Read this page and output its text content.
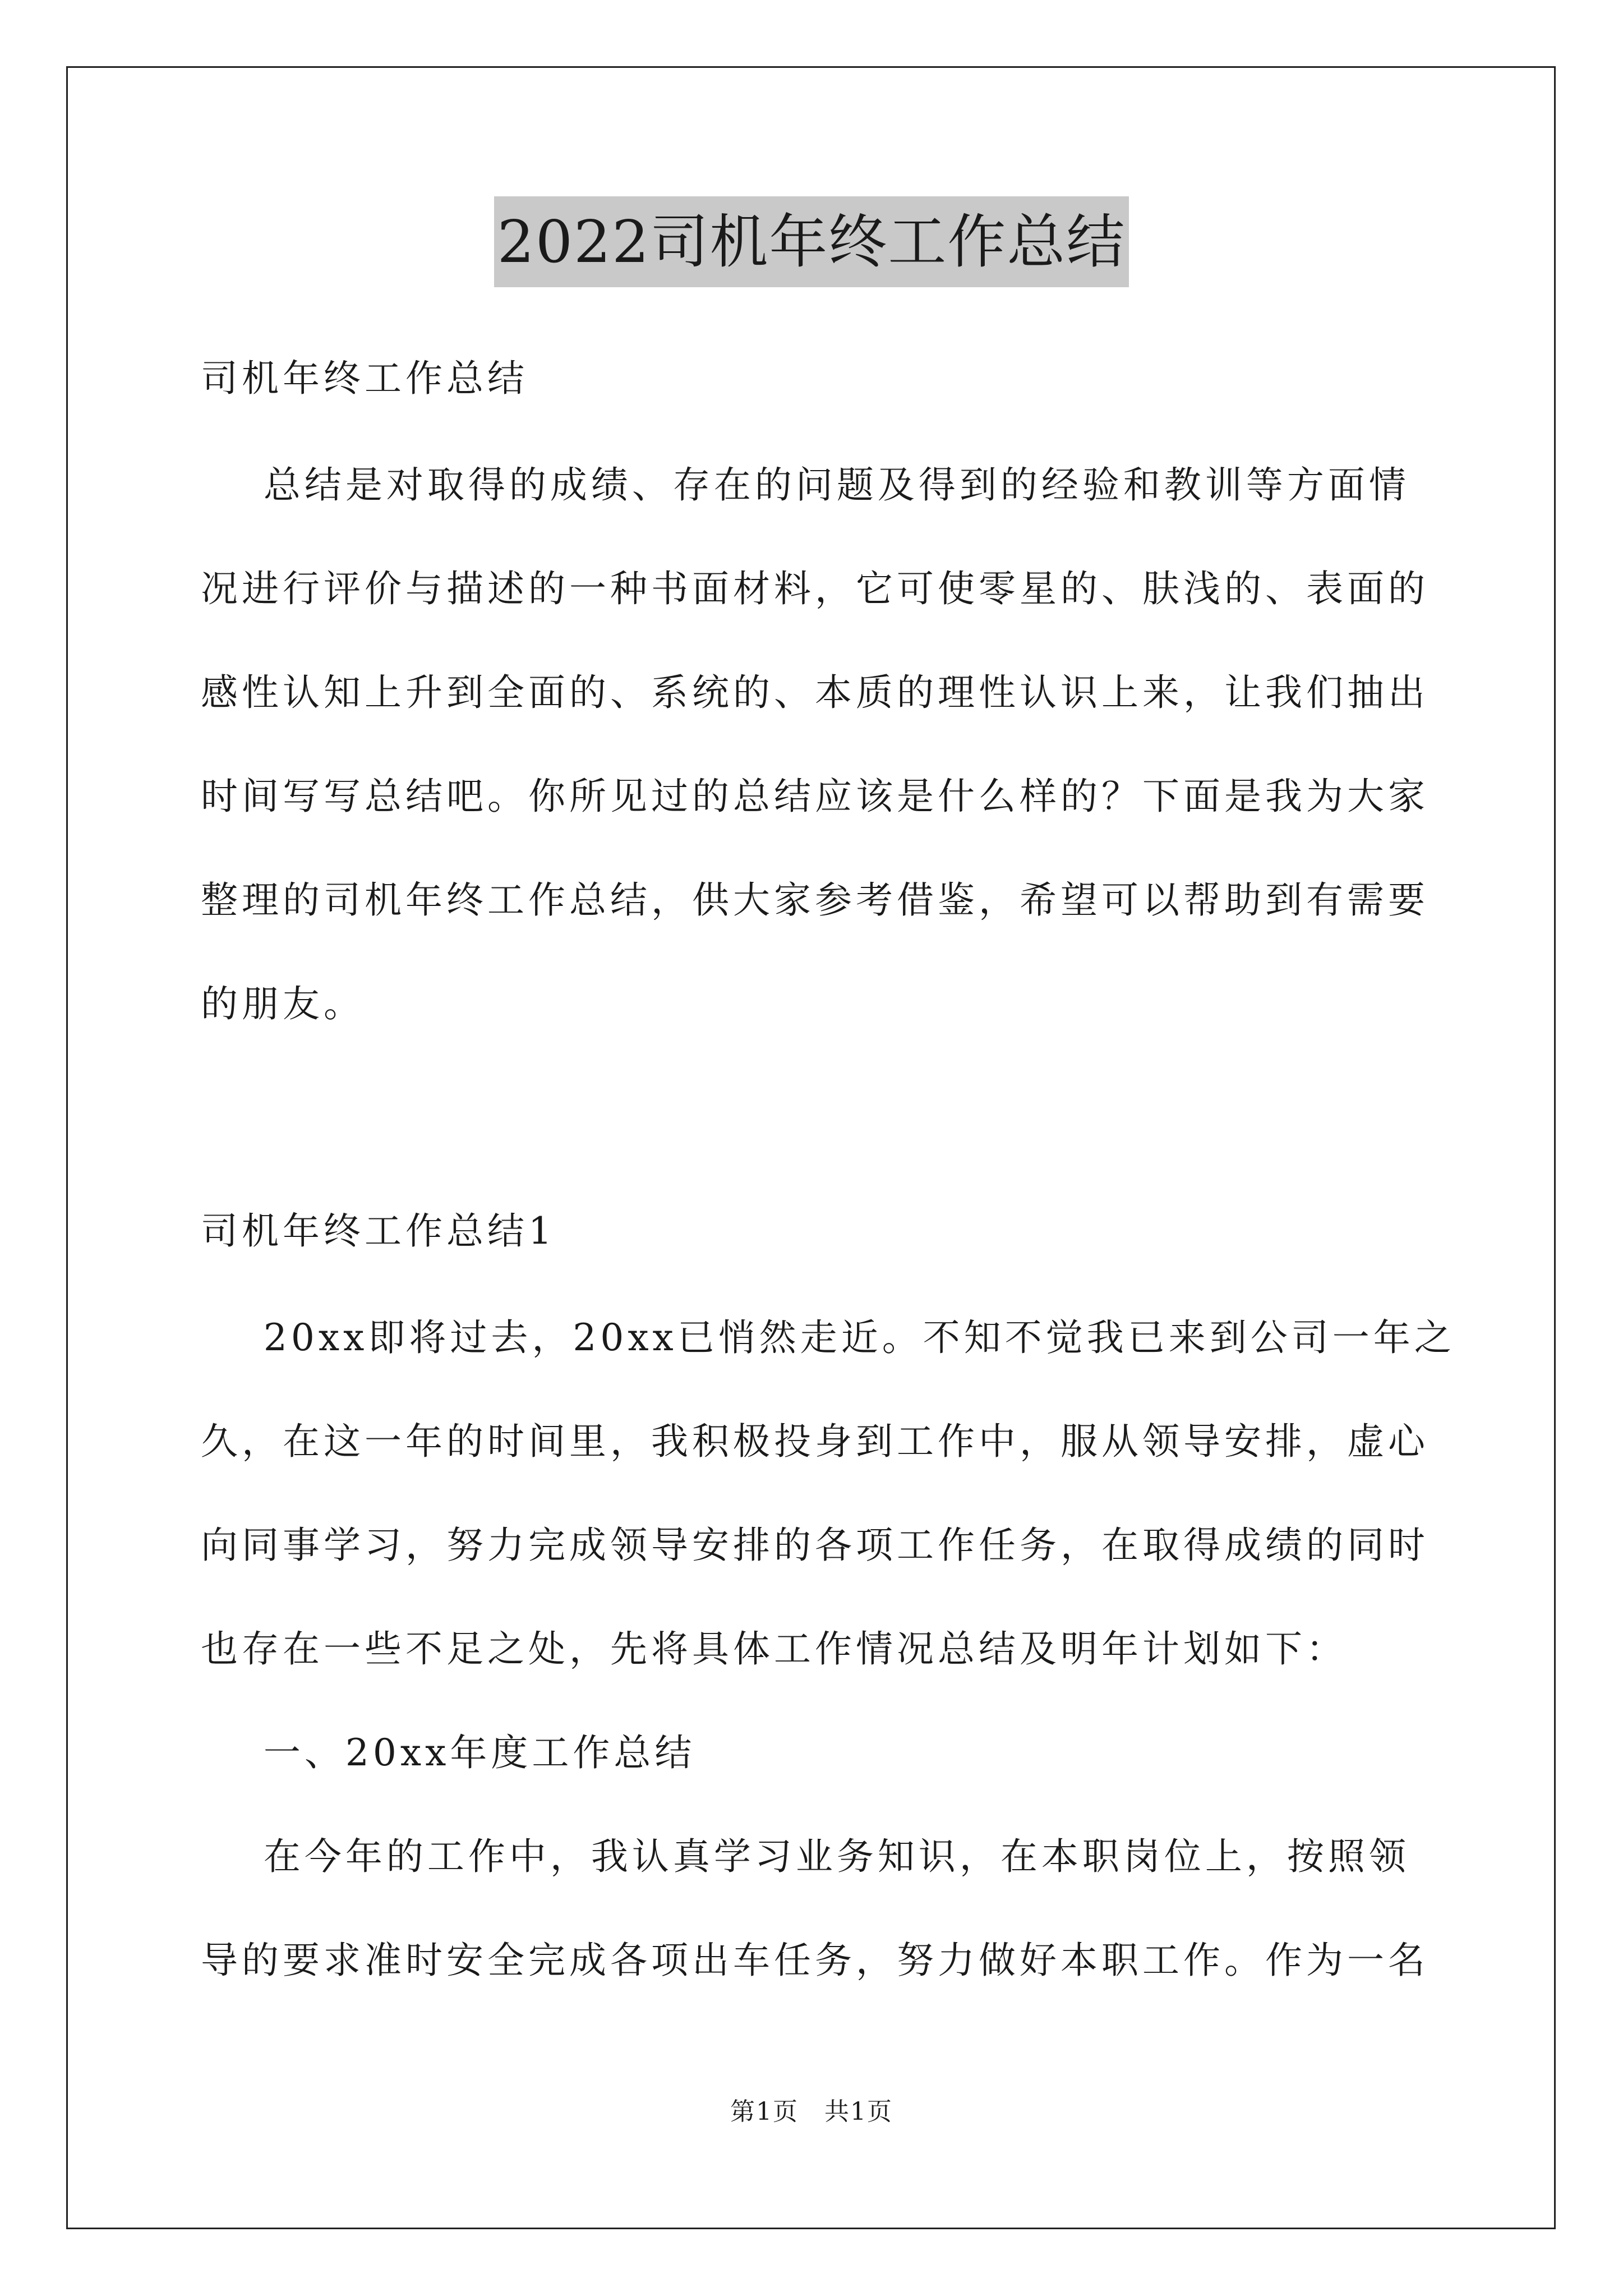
2022司机年终工作总结
司机年终工作总结
总结是对取得的成绩、存在的问题及得到的经验和教训等方面情
况进行评价与描述的一种书面材料，它可使零星的、肤浅的、表面的
感性认知上升到全面的、系统的、本质的理性认识上来，让我们抽出
时间写写总结吧。你所见过的总结应该是什么样的？下面是我为大家
整理的司机年终工作总结，供大家参考借鉴，希望可以帮助到有需要
的朋友。
司机年终工作总结1
20xx即将过去，20xx已悄然走近。不知不觉我已来到公司一年之
久，在这一年的时间里，我积极投身到工作中，服从领导安排，虚心
向同事学习，努力完成领导安排的各项工作任务，在取得成绩的同时
也存在一些不足之处，先将具体工作情况总结及明年计划如下：
一、20xx年度工作总结
在今年的工作中，我认真学习业务知识，在本职岗位上，按照领
导的要求准时安全完成各项出车任务，努力做好本职工作。作为一名
第1页　共1页
